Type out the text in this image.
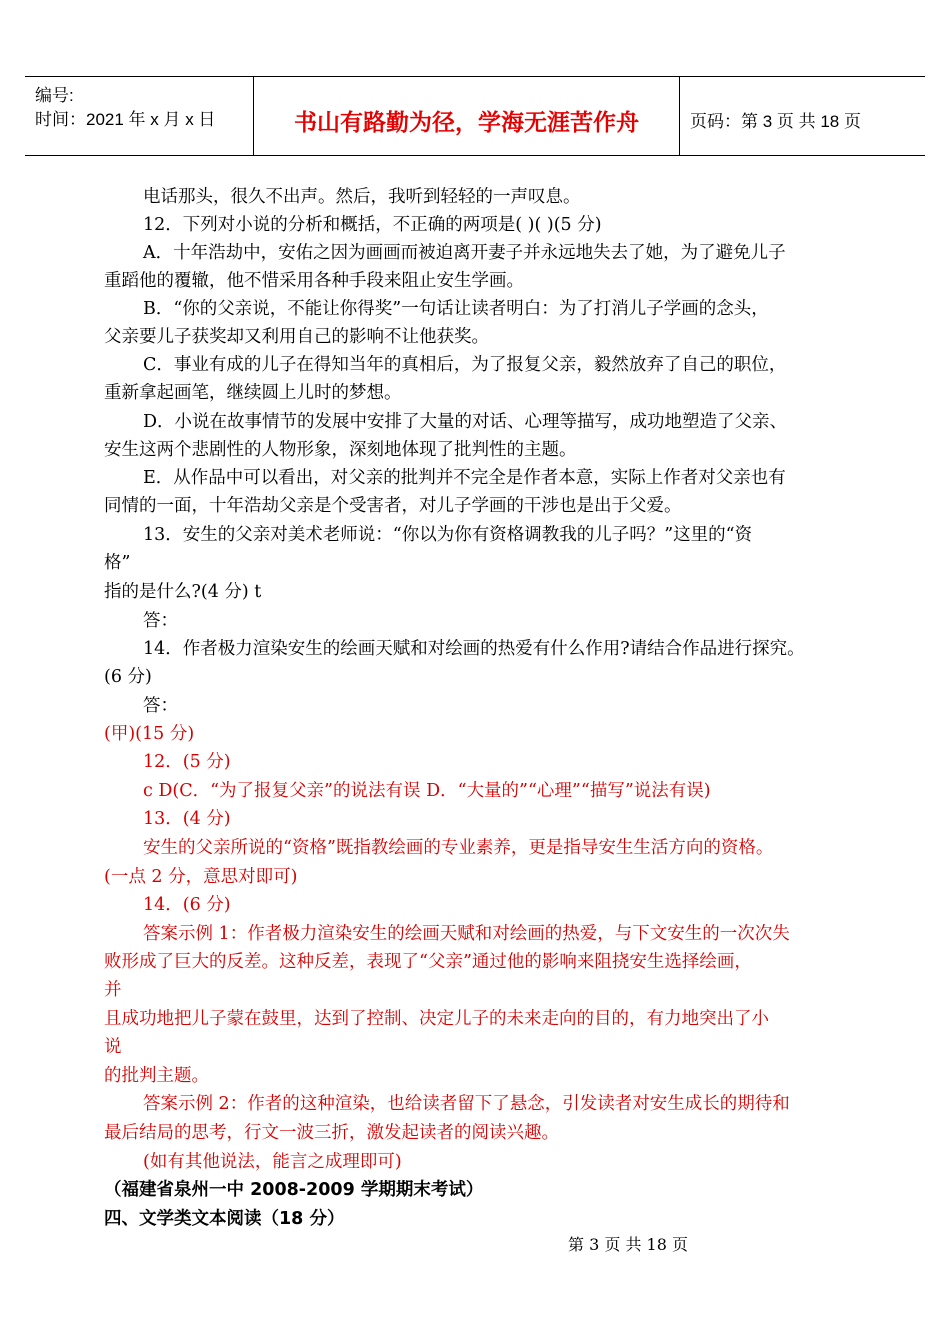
编号:
时间：2021 年 x 月 x 日	书山有路勤为径，学海无涯苦作舟	页码：第 3 页 共 18 页
电话那头，很久不出声。然后，我听到轻轻的一声叹息。
12．下列对小说的分析和概括，不正确的两项是( )( )(5 分)
A．十年浩劫中，安佑之因为画画而被迫离开妻子并永远地失去了她，为了避免儿子
重蹈他的覆辙，他不惜采用各种手段来阻止安生学画。
B．“你的父亲说，不能让你得奖”一句话让读者明白：为了打消儿子学画的念头，
父亲要儿子获奖却又利用自己的影响不让他获奖。
C．事业有成的儿子在得知当年的真相后，为了报复父亲，毅然放弃了自己的职位，
重新拿起画笔，继续圆上儿时的梦想。
D．小说在故事情节的发展中安排了大量的对话、心理等描写，成功地塑造了父亲、
安生这两个悲剧性的人物形象，深刻地体现了批判性的主题。
E．从作品中可以看出，对父亲的批判并不完全是作者本意，实际上作者对父亲也有
同情的一面，十年浩劫父亲是个受害者，对儿子学画的干涉也是出于父爱。
13．安生的父亲对美术老师说：“你以为你有资格调教我的儿子吗？”这里的“资
格”
指的是什么?(4 分) t
答：
14．作者极力渲染安生的绘画天赋和对绘画的热爱有什么作用?请结合作品进行探究。
(6 分)
答：
(甲)(15 分)
12．(5 分)
c D(C．“为了报复父亲”的说法有误 D．“大量的”“心理”“描写”说法有误)
13．(4 分)
安生的父亲所说的“资格”既指教绘画的专业素养，更是指导安生生活方向的资格。
(一点 2 分，意思对即可)
14．(6 分)
答案示例 1：作者极力渲染安生的绘画天赋和对绘画的热爱，与下文安生的一次次失
败形成了巨大的反差。这种反差，表现了“父亲”通过他的影响来阻挠安生选择绘画，
并
且成功地把儿子蒙在鼓里，达到了控制、决定儿子的未来走向的目的，有力地突出了小
说
的批判主题。
答案示例 2：作者的这种渲染，也给读者留下了悬念，引发读者对安生成长的期待和
最后结局的思考，行文一波三折，激发起读者的阅读兴趣。
(如有其他说法，能言之成理即可)
（福建省泉州一中 2008-2009 学期期末考试）
四、文学类文本阅读（18 分）
第 3 页 共 18 页
